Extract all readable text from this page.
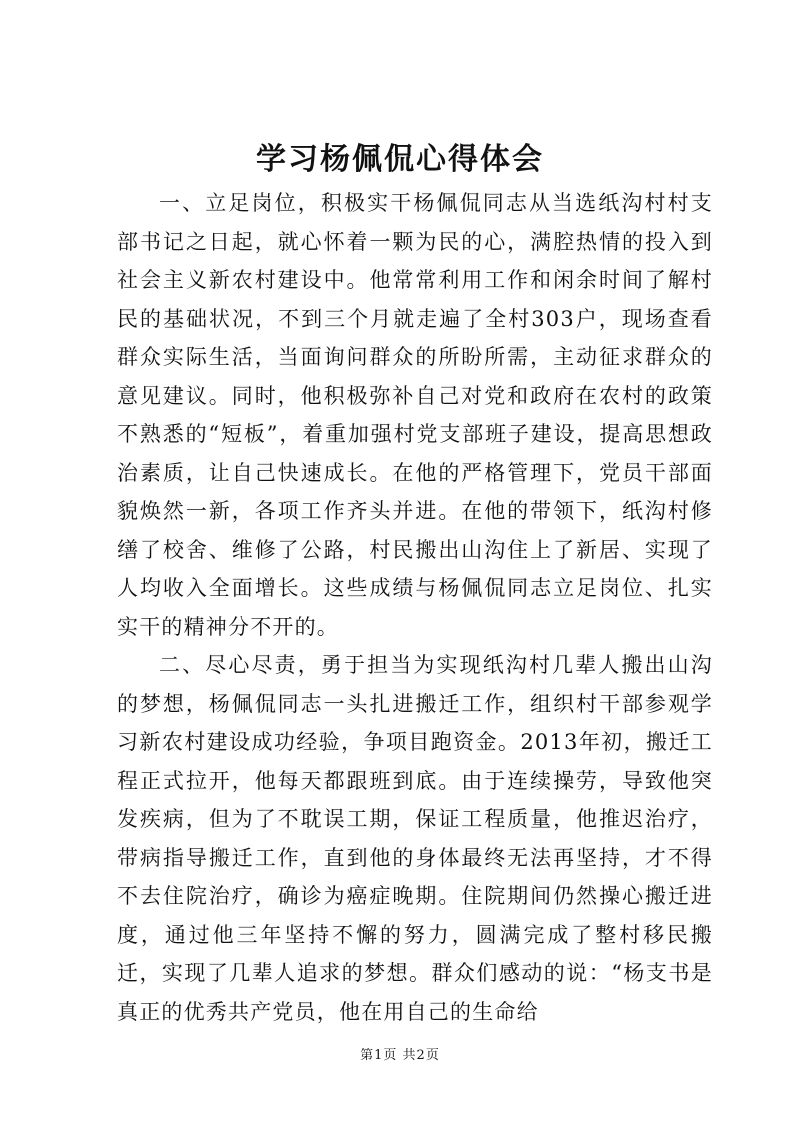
学习杨佩侃心得体会

一、立足岗位，积极实干杨佩侃同志从当选纸沟村村支部书记之日起，就心怀着一颗为民的心，满腔热情的投入到社会主义新农村建设中。他常常利用工作和闲余时间了解村民的基础状况，不到三个月就走遍了全村303户，现场查看群众实际生活，当面询问群众的所盼所需，主动征求群众的意见建议。同时，他积极弥补自己对党和政府在农村的政策不熟悉的“短板”，着重加强村党支部班子建设，提高思想政治素质，让自己快速成长。在他的严格管理下，党员干部面貌焕然一新，各项工作齐头并进。在他的带领下，纸沟村修缮了校舍、维修了公路，村民搬出山沟住上了新居、实现了人均收入全面增长。这些成绩与杨佩侃同志立足岗位、扎实实干的精神分不开的。

二、尽心尽责，勇于担当为实现纸沟村几辈人搬出山沟的梦想，杨佩侃同志一头扎进搬迁工作，组织村干部参观学习新农村建设成功经验，争项目跑资金。2013年初，搬迁工程正式拉开，他每天都跟班到底。由于连续操劳，导致他突发疾病，但为了不耽误工期，保证工程质量，他推迟治疗，带病指导搬迁工作，直到他的身体最终无法再坚持，才不得不去住院治疗，确诊为癌症晚期。住院期间仍然操心搬迁进度，通过他三年坚持不懈的努力，圆满完成了整村移民搬迁，实现了几辈人追求的梦想。群众们感动的说：“杨支书是真正的优秀共产党员，他在用自己的生命给

第1页 共2页
